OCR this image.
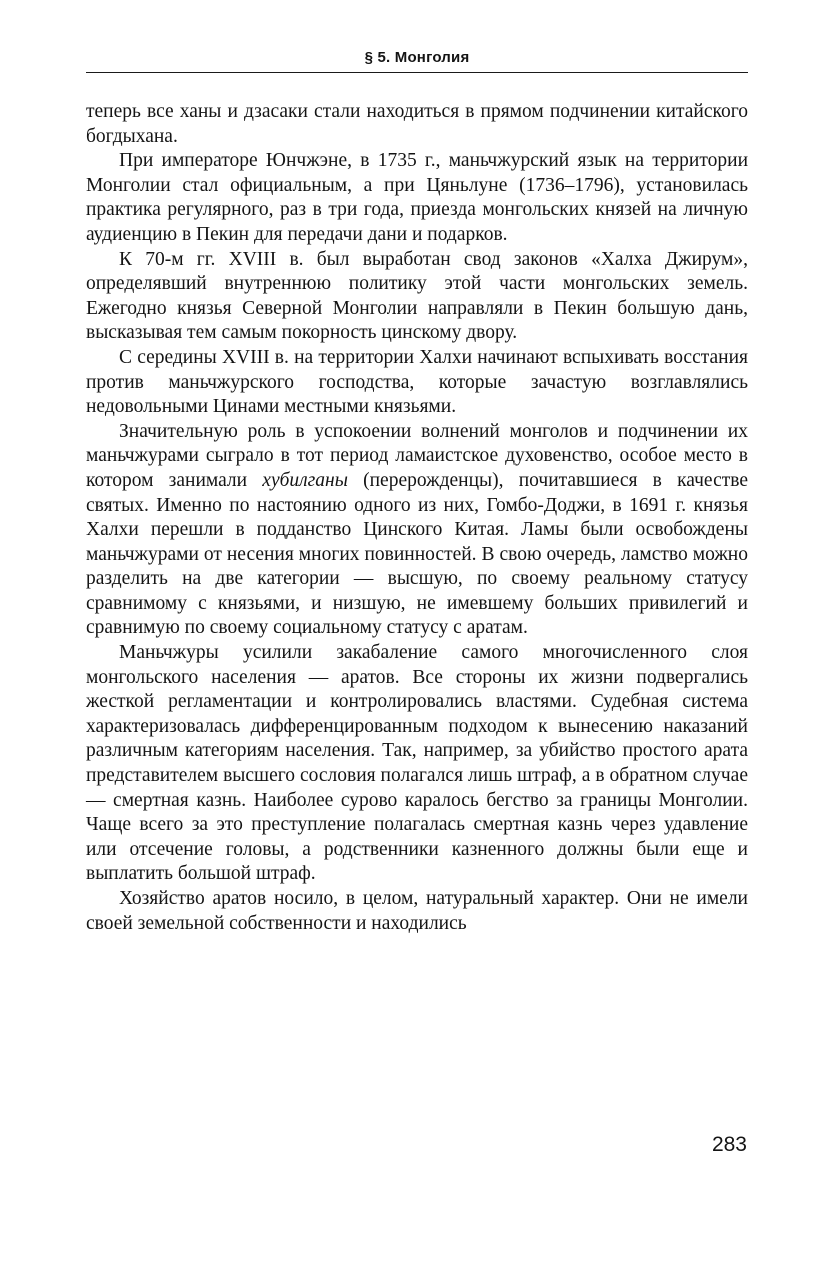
§ 5. Монголия

теперь все ханы и дзасаки стали находиться в прямом подчинении китайского богдыхана.

При императоре Юнчжэне, в 1735 г., маньчжурский язык на территории Монголии стал официальным, а при Цяньлуне (1736–1796), установилась практика регулярного, раз в три года, приезда монгольских князей на личную аудиенцию в Пекин для передачи дани и подарков.

К 70-м гг. XVIII в. был выработан свод законов «Халха Джирум», определявший внутреннюю политику этой части монгольских земель. Ежегодно князья Северной Монголии направляли в Пекин большую дань, высказывая тем самым покорность цинскому двору.

С середины XVIII в. на территории Халхи начинают вспыхивать восстания против маньчжурского господства, которые зачастую возглавлялись недовольными Цинами местными князьями.

Значительную роль в успокоении волнений монголов и подчинении их маньчжурами сыграло в тот период ламаистское духовенство, особое место в котором занимали хубилганы (перерожденцы), почитавшиеся в качестве святых. Именно по настоянию одного из них, Гомбо-Доджи, в 1691 г. князья Халхи перешли в подданство Цинского Китая. Ламы были освобождены маньчжурами от несения многих повинностей. В свою очередь, ламство можно разделить на две категории — высшую, по своему реальному статусу сравнимому с князьями, и низшую, не имевшему больших привилегий и сравнимую по своему социальному статусу с аратам.

Маньчжуры усилили закабаление самого многочисленного слоя монгольского населения — аратов. Все стороны их жизни подвергались жесткой регламентации и контролировались властями. Судебная система характеризовалась дифференцированным подходом к вынесению наказаний различным категориям населения. Так, например, за убийство простого арата представителем высшего сословия полагался лишь штраф, а в обратном случае — смертная казнь. Наиболее сурово каралось бегство за границы Монголии. Чаще всего за это преступление полагалась смертная казнь через удавление или отсечение головы, а родственники казненного должны были еще и выплатить большой штраф.

Хозяйство аратов носило, в целом, натуральный характер. Они не имели своей земельной собственности и находились

283
